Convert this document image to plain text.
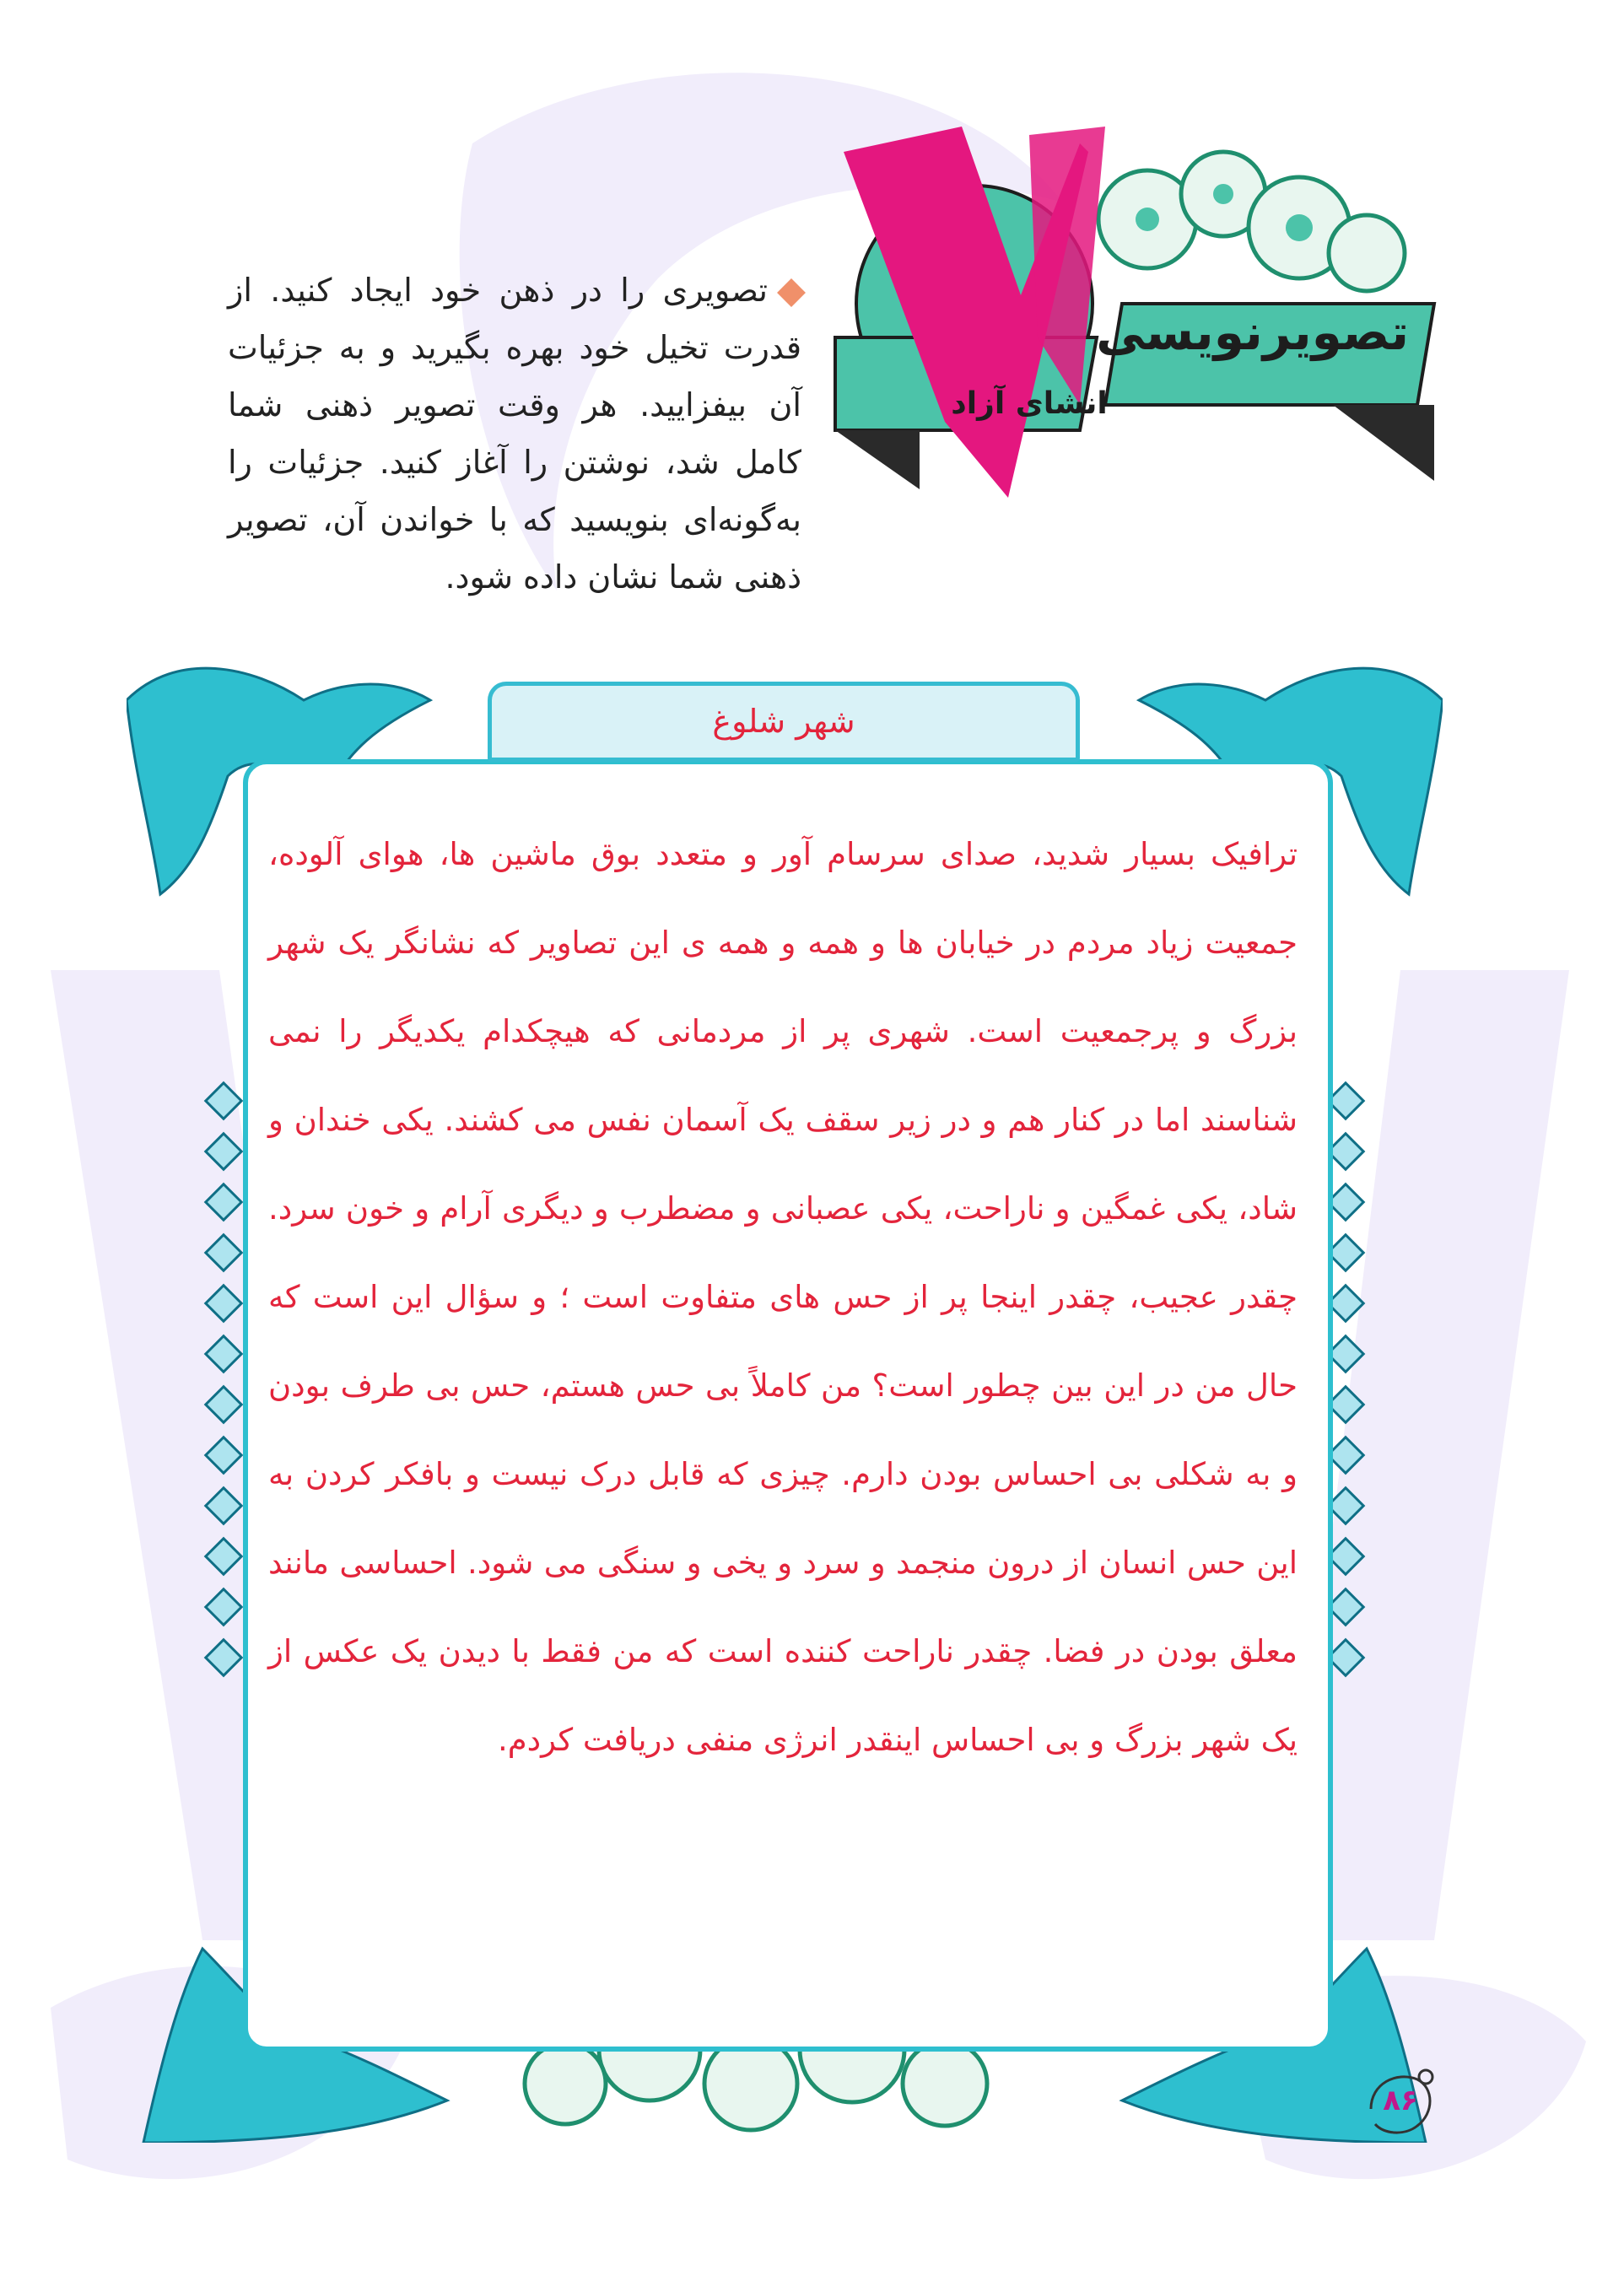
تصویرنویسی
انشای آزاد
تصویری را در ذهن خود ایجاد کنید. از قدرت تخیل خود بهره بگیرید و به جزئیات آن بیفزایید. هر وقت تصویر ذهنی شما کامل شد، نوشتن را آغاز کنید. جزئیات را به‌گونه‌ای بنویسید که با خواندن آن، تصویر ذهنی شما نشان داده شود.
شهر شلوغ
ترافیک بسیار شدید، صدای سرسام آور و متعدد بوق ماشین ها، هوای آلوده، جمعیت زیاد مردم در خیابان ها و همه و همه ی این تصاویر که نشانگر یک شهر بزرگ و پرجمعیت است. شهری پر از مردمانی که هیچکدام یکدیگر را نمی شناسند اما در کنار هم و در زیر سقف یک آسمان نفس می کشند. یکی خندان و شاد، یکی غمگین و ناراحت، یکی عصبانی و مضطرب و دیگری آرام و خون سرد. چقدر عجیب، چقدر اینجا پر از حس های متفاوت است ؛ و سؤال این است که حال من در این بین چطور است؟ من کاملاً بی حس هستم، حس بی طرف بودن و به شکلی بی احساس بودن دارم. چیزی که قابل درک نیست و بافکر کردن به این حس انسان از درون منجمد و سرد و یخی و سنگی می شود. احساسی مانند معلق بودن در فضا. چقدر ناراحت کننده است که من فقط با دیدن یک عکس از یک شهر بزرگ و بی احساس اینقدر انرژی منفی دریافت کردم.
۸۶
